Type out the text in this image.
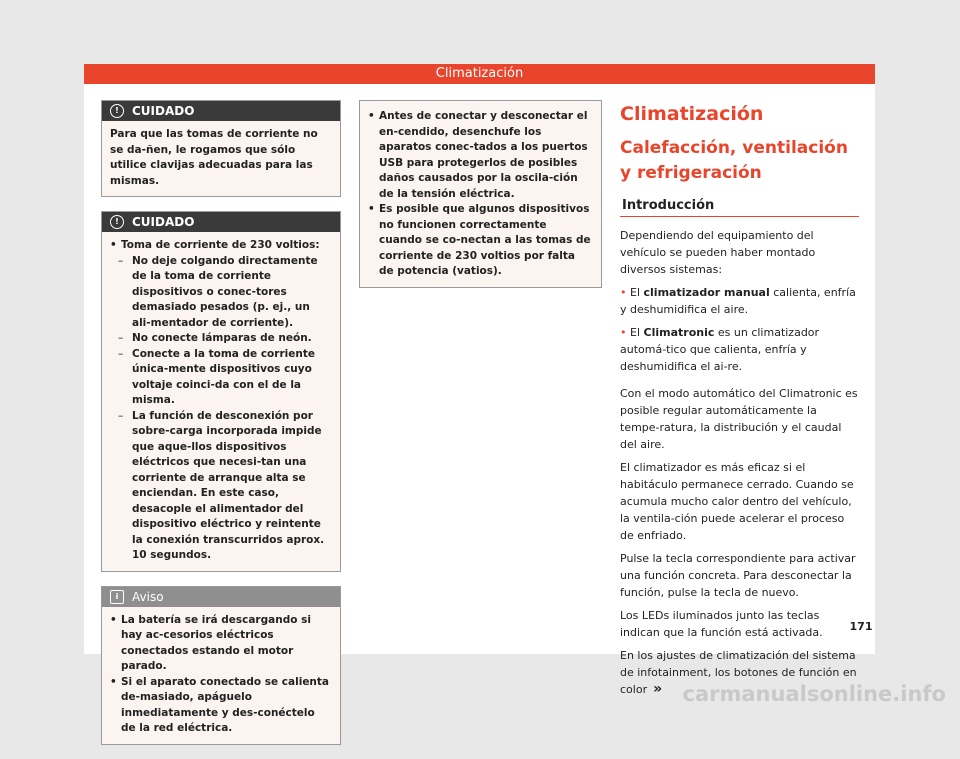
Climatización
!	CUIDADO

Para que las tomas de corriente no se da-ñen, le rogamos que sólo utilice clavijas adecuadas para las mismas.

!	CUIDADO

• Toma de corriente de 230 voltios:

– No deje colgando directamente de la toma de corriente dispositivos o conec-tores demasiado pesados (p. ej., un ali-mentador de corriente).

– No conecte lámparas de neón.

– Conecte a la toma de corriente única-mente dispositivos cuyo voltaje coinci-da con el de la misma.

– La función de desconexión por sobre-carga incorporada impide que aque-llos dispositivos eléctricos que necesi-tan una corriente de arranque alta se enciendan. En este caso, desacople el alimentador del dispositivo eléctrico y reintente la conexión transcurridos aprox. 10 segundos.

i	Aviso

• La batería se irá descargando si hay ac-cesorios eléctricos conectados estando el motor parado.

• Si el aparato conectado se calienta de-masiado, apáguelo inmediatamente y des-conéctelo de la red eléctrica.

• Antes de conectar y desconectar el en-cendido, desenchufe los aparatos conec-tados a los puertos USB para protegerlos de posibles daños causados por la oscila-ción de la tensión eléctrica.

• Es posible que algunos dispositivos no funcionen correctamente cuando se co-nectan a las tomas de corriente de 230 voltios por falta de potencia (vatios).

Climatización
Calefacción, ventilación y refrigeración
Introducción

Dependiendo del equipamiento del vehículo se pueden haber montado diversos sistemas:

• El climatizador manual calienta, enfría y deshumidifica el aire.

• El Climatronic es un climatizador automá-tico que calienta, enfría y deshumidifica el ai-re.

Con el modo automático del Climatronic es posible regular automáticamente la tempe-ratura, la distribución y el caudal del aire.

El climatizador es más eficaz si el habitáculo permanece cerrado. Cuando se acumula mucho calor dentro del vehículo, la ventila-ción puede acelerar el proceso de enfriado.

Pulse la tecla correspondiente para activar una función concreta. Para desconectar la función, pulse la tecla de nuevo.

Los LEDs iluminados junto las teclas indican que la función está activada.

En los ajustes de climatización del sistema de infotainment, los botones de función en color »

171
carmanualsonline.info
